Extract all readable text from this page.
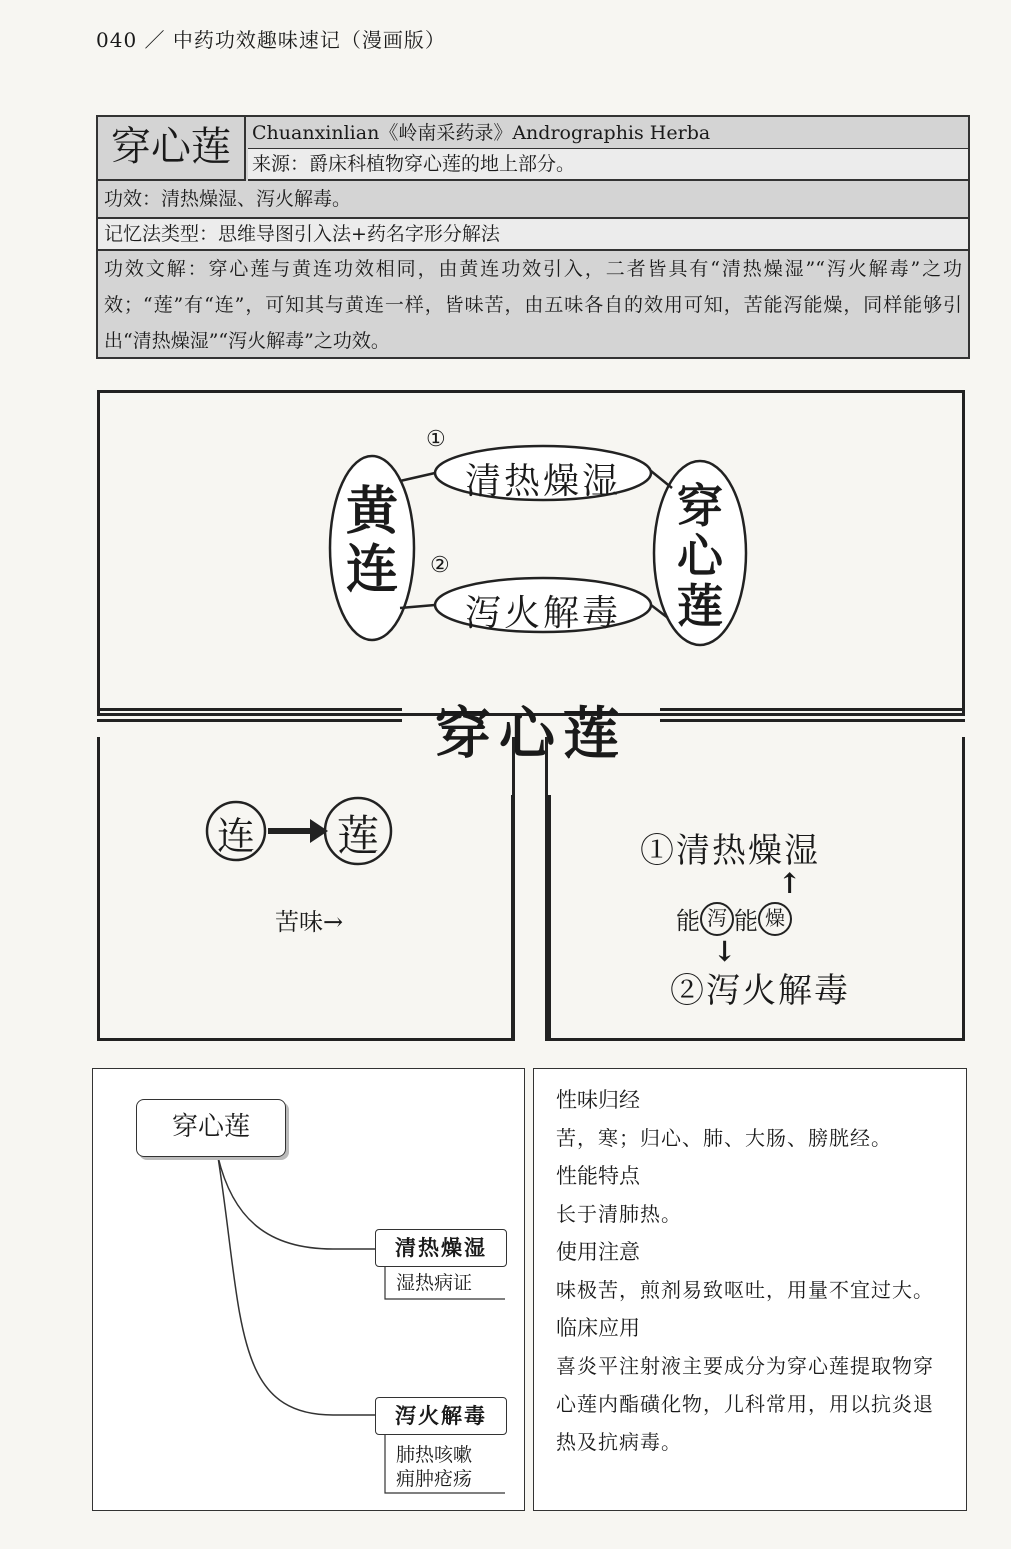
040 ／ 中药功效趣味速记（漫画版）
穿心莲	Chuanxinlian《岭南采药录》Andrographis Herba
来源：爵床科植物穿心莲的地上部分。
功效：清热燥湿、泻火解毒。
记忆法类型：思维导图引入法+药名字形分解法
功效文解：穿心莲与黄连功效相同，由黄连功效引入，二者皆具有“清热燥湿”“泻火解毒”之功效；“莲”有“连”，可知其与黄连一样，皆味苦，由五味各自的效用可知，苦能泻能燥，同样能够引出“清热燥湿”“泻火解毒”之功效。
黄连
穿心莲
①
清热燥湿
②
泻火解毒
穿心莲
连 莲
苦味→
①清热燥湿
↑
能 泻 能 燥
↓
②泻火解毒
穿心莲
清热燥湿
湿热病证
泻火解毒
肺热咳嗽
痈肿疮疡
性味归经
苦，寒；归心、肺、大肠、膀胱经。
性能特点
长于清肺热。
使用注意
味极苦，煎剂易致呕吐，用量不宜过大。
临床应用
喜炎平注射液主要成分为穿心莲提取物穿心莲内酯磺化物，儿科常用，用以抗炎退热及抗病毒。
